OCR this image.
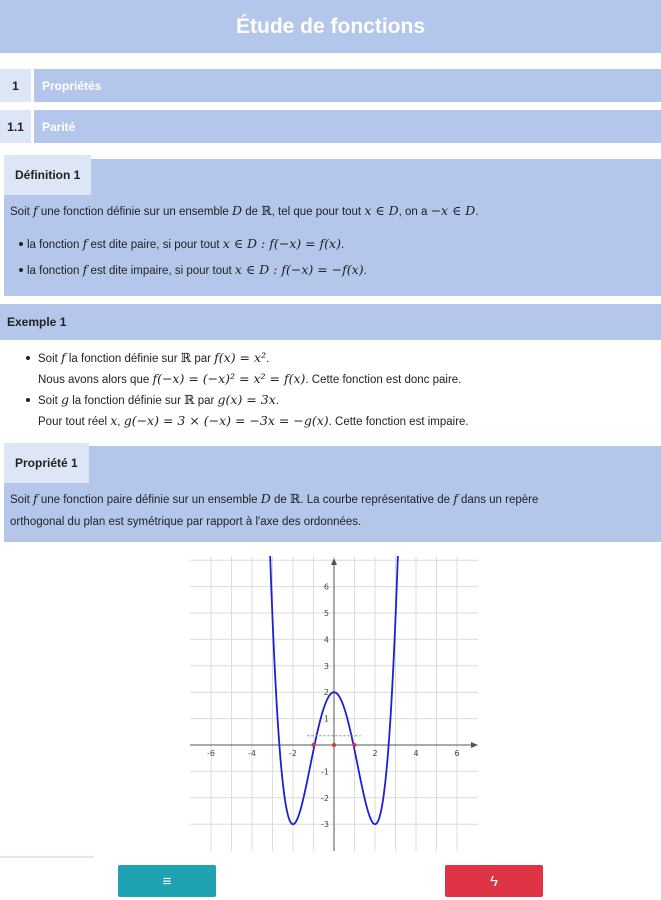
Étude de fonctions
1	Propriétés
1.1	Parité
Définition 1
Soit f une fonction définie sur un ensemble D de ℝ, tel que pour tout x ∈ D, on a −x ∈ D.
la fonction f est dite paire, si pour tout x ∈ D : f(−x) = f(x).
la fonction f est dite impaire, si pour tout x ∈ D : f(−x) = −f(x).
Exemple 1
Soit f la fonction définie sur ℝ par f(x) = x².
Nous avons alors que f(−x) = (−x)² = x² = f(x). Cette fonction est donc paire.
Soit g la fonction définie sur ℝ par g(x) = 3x.
Pour tout réel x, g(−x) = 3 × (−x) = −3x = −g(x). Cette fonction est impaire.
Propriété 1
Soit f une fonction paire définie sur un ensemble D de ℝ. La courbe représentative de f dans un repère
orthogonal du plan est symétrique par rapport à l'axe des ordonnées.
-6	-4	-2	2	4	6
-3
-2
-1
1
2
3
4
5
6
≡	ϟ
